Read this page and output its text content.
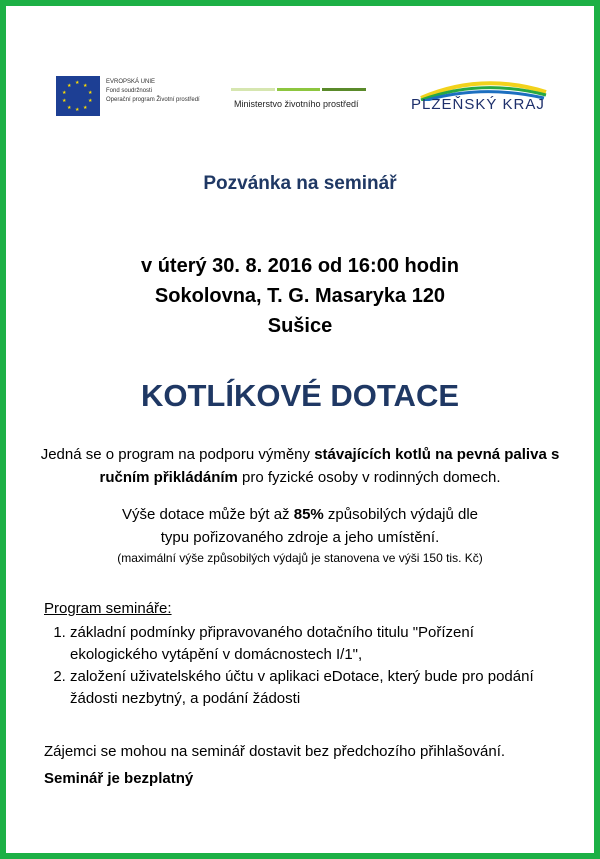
★ ★
★
★
★
★
★
★
★
★
EVROPSKÁ UNIE
Fond soudržnosti
Operační program Životní prostředí	Ministerstvo životního prostředí	PLZEŇSKÝ KRAJ
Pozvánka na seminář
v úterý 30. 8. 2016 od 16:00 hodin
Sokolovna, T. G. Masaryka 120
Sušice
KOTLÍKOVÉ DOTACE
Jedná se o program na podporu výměny stávajících kotlů na pevná paliva s ručním přikládáním pro fyzické osoby v rodinných domech.
Výše dotace může být až 85% způsobilých výdajů dle typu pořizovaného zdroje a jeho umístění.
(maximální výše způsobilých výdajů je stanovena ve výši 150 tis. Kč)
Program semináře:
1. základní podmínky připravovaného dotačního titulu "Pořízení ekologického vytápění v domácnostech I/1",
2. založení uživatelského účtu v aplikaci eDotace, který bude pro podání žádosti nezbytný, a podání žádosti
Zájemci se mohou na seminář dostavit bez předchozího přihlašování.
Seminář je bezplatný
